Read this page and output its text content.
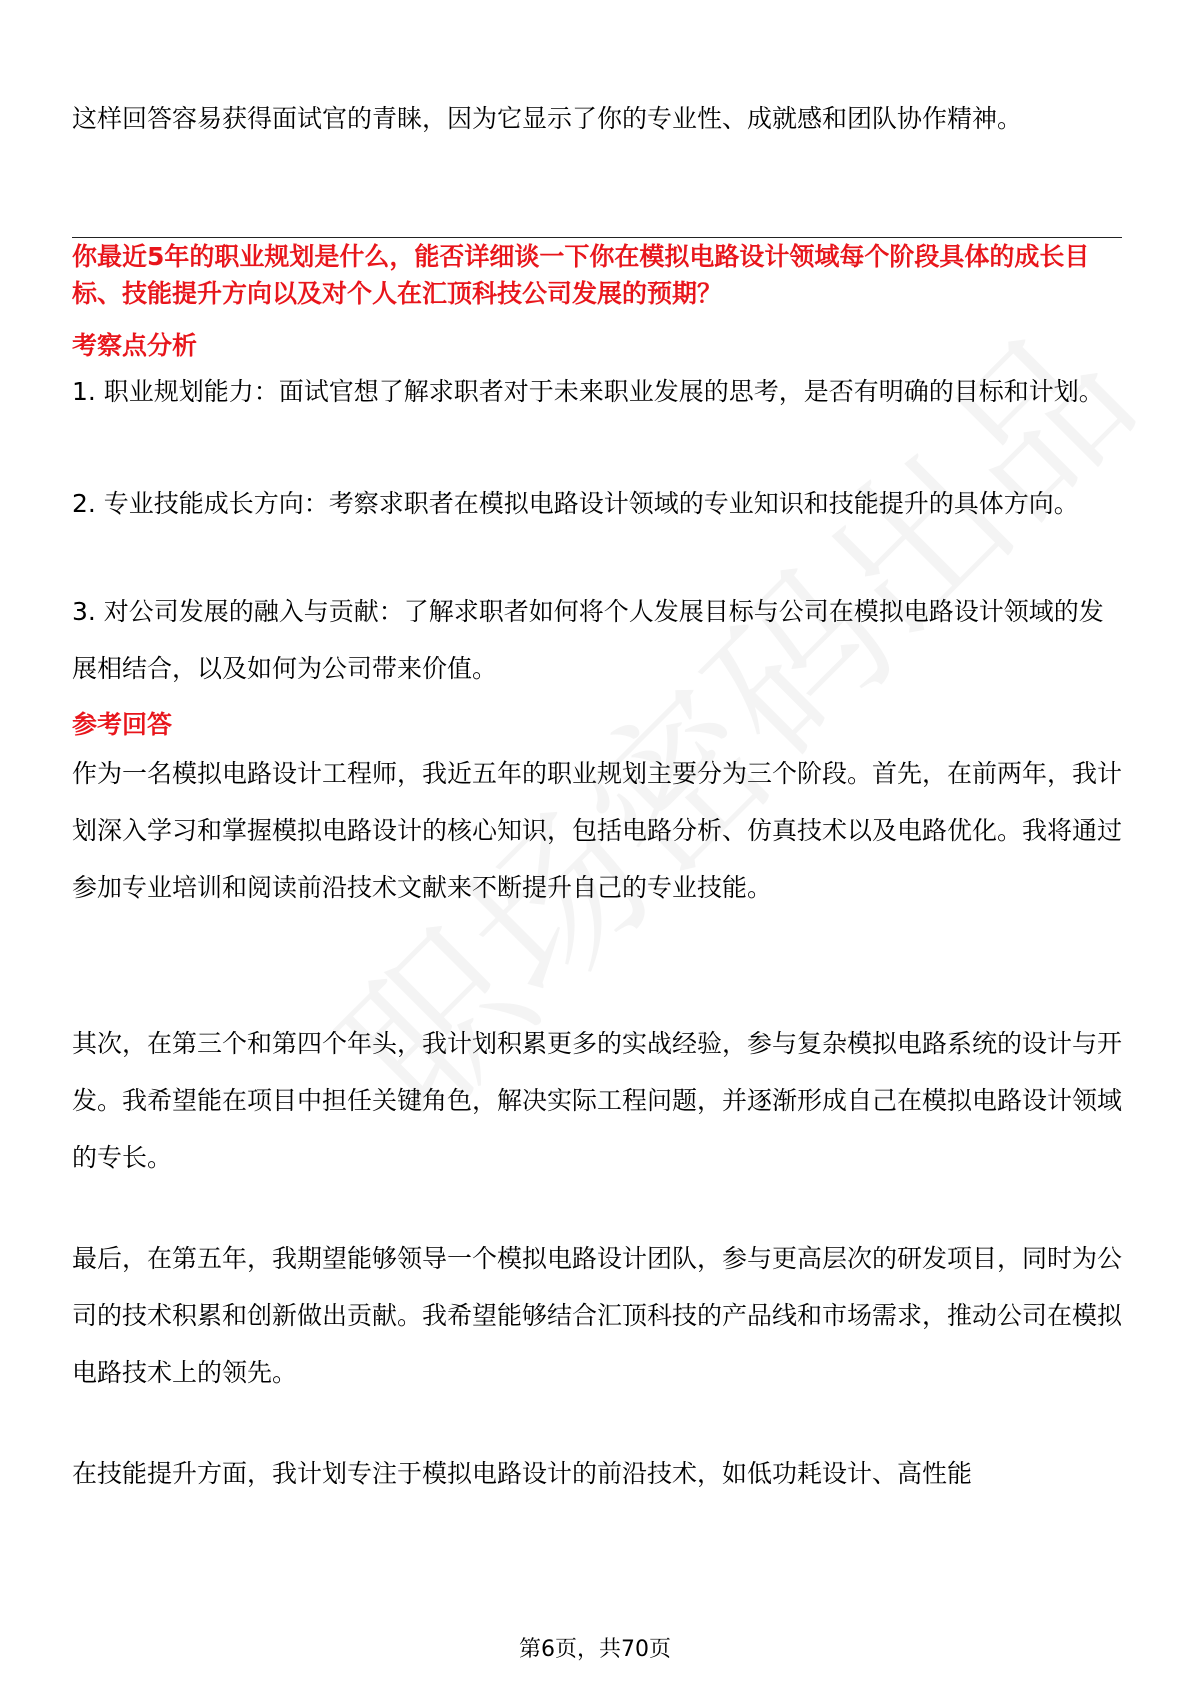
这样回答容易获得面试官的青睐，因为它显示了你的专业性、成就感和团队协作精神。

你最近5年的职业规划是什么，能否详细谈一下你在模拟电路设计领域每个阶段具体的成长目标、技能提升方向以及对个人在汇顶科技公司发展的预期？

考察点分析

1. 职业规划能力：面试官想了解求职者对于未来职业发展的思考，是否有明确的目标和计划。

2. 专业技能成长方向：考察求职者在模拟电路设计领域的专业知识和技能提升的具体方向。

3. 对公司发展的融入与贡献：了解求职者如何将个人发展目标与公司在模拟电路设计领域的发展相结合，以及如何为公司带来价值。

参考回答

作为一名模拟电路设计工程师，我近五年的职业规划主要分为三个阶段。首先，在前两年，我计划深入学习和掌握模拟电路设计的核心知识，包括电路分析、仿真技术以及电路优化。我将通过参加专业培训和阅读前沿技术文献来不断提升自己的专业技能。

其次，在第三个和第四个年头，我计划积累更多的实战经验，参与复杂模拟电路系统的设计与开发。我希望能在项目中担任关键角色，解决实际工程问题，并逐渐形成自己在模拟电路设计领域的专长。

最后，在第五年，我期望能够领导一个模拟电路设计团队，参与更高层次的研发项目，同时为公司的技术积累和创新做出贡献。我希望能够结合汇顶科技的产品线和市场需求，推动公司在模拟电路技术上的领先。

在技能提升方面，我计划专注于模拟电路设计的前沿技术，如低功耗设计、高性能

第6页，共70页
